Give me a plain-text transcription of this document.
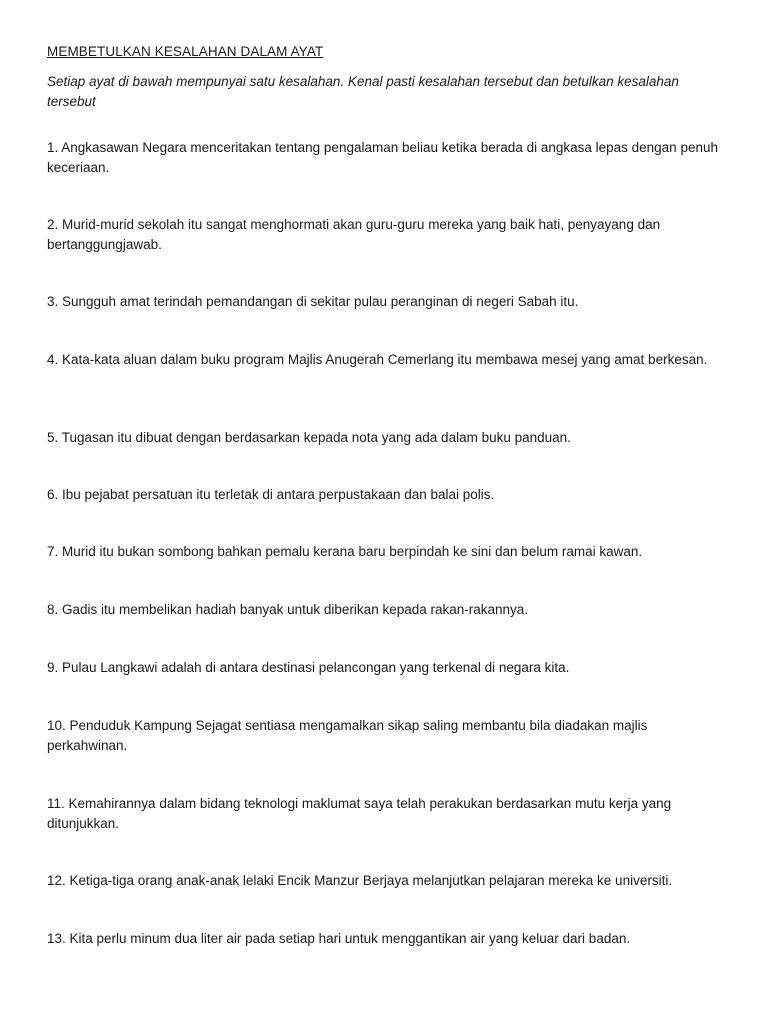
MEMBETULKAN KESALAHAN DALAM AYAT
Setiap ayat di bawah mempunyai satu kesalahan. Kenal pasti kesalahan tersebut dan betulkan kesalahan tersebut
1. Angkasawan Negara menceritakan tentang pengalaman beliau ketika berada di angkasa lepas dengan penuh keceriaan.
2. Murid-murid sekolah itu sangat menghormati akan guru-guru mereka yang baik hati, penyayang dan bertanggungjawab.
3. Sungguh amat terindah pemandangan di sekitar pulau peranginan di negeri Sabah itu.
4. Kata-kata aluan dalam buku program Majlis Anugerah Cemerlang itu membawa mesej yang amat berkesan.
5. Tugasan itu dibuat dengan berdasarkan kepada nota yang ada dalam buku panduan.
6. Ibu pejabat persatuan itu terletak di antara perpustakaan dan balai polis.
7. Murid itu bukan sombong bahkan pemalu kerana baru berpindah ke sini dan belum ramai kawan.
8. Gadis itu membelikan hadiah banyak untuk diberikan kepada rakan-rakannya.
9. Pulau Langkawi adalah di antara destinasi pelancongan yang terkenal di negara kita.
10. Penduduk Kampung Sejagat sentiasa mengamalkan sikap saling membantu bila diadakan majlis perkahwinan.
11. Kemahirannya dalam bidang teknologi maklumat saya telah perakukan berdasarkan mutu kerja yang ditunjukkan.
12. Ketiga-tiga orang anak-anak lelaki Encik Manzur Berjaya melanjutkan pelajaran mereka ke universiti.
13. Kita perlu minum dua liter air pada setiap hari untuk menggantikan air yang keluar dari badan.
